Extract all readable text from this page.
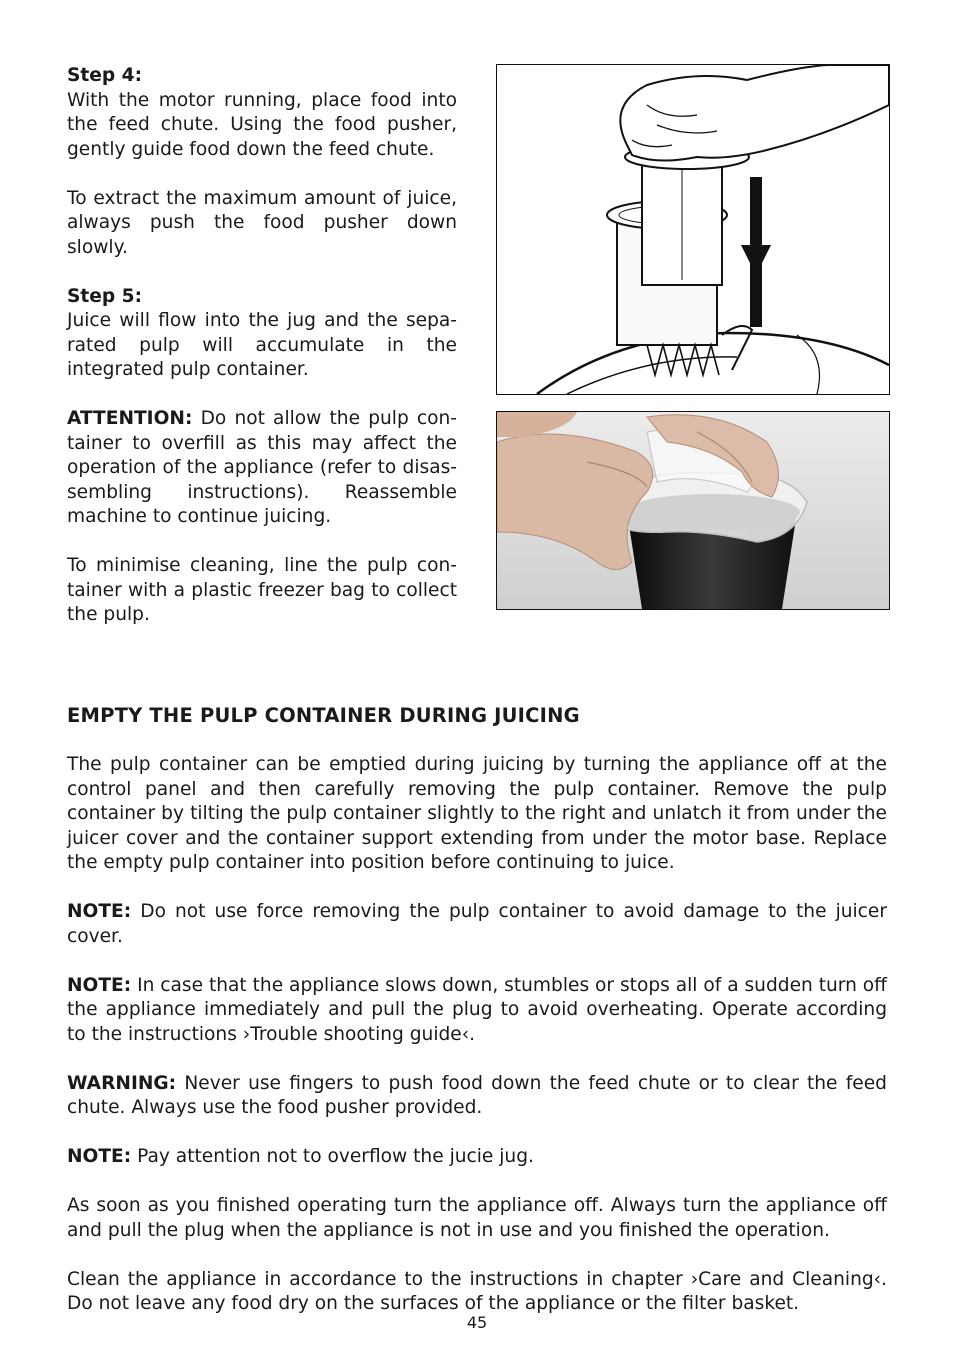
Step 4:
With the motor running, place food into the feed chute. Using the food pusher, gently guide food down the feed chute.

To extract the maximum amount of juice, always push the food pusher down slowly.

Step 5:
Juice will flow into the jug and the sepa-rated pulp will accumulate in the integrated pulp container.

ATTENTION: Do not allow the pulp con-tainer to overfill as this may affect the operation of the appliance (refer to disas-sembling instructions). Reassemble machine to continue juicing.

To minimise cleaning, line the pulp con-tainer with a plastic freezer bag to collect the pulp.

EMPTY THE PULP CONTAINER DURING JUICING

The pulp container can be emptied during juicing by turning the appliance off at the control panel and then carefully removing the pulp container. Remove the pulp container by tilting the pulp container slightly to the right and unlatch it from under the juicer cover and the container support extending from under the motor base. Replace the empty pulp container into position before continuing to juice.

NOTE: Do not use force removing the pulp container to avoid damage to the juicer cover.

NOTE: In case that the appliance slows down, stumbles or stops all of a sudden turn off the appliance immediately and pull the plug to avoid overheating. Operate according to the instructions ›Trouble shooting guide‹.

WARNING: Never use fingers to push food down the feed chute or to clear the feed chute. Always use the food pusher provided.

NOTE: Pay attention not to overflow the jucie jug.

As soon as you finished operating turn the appliance off. Always turn the appliance off and pull the plug when the appliance is not in use and you finished the operation.

Clean the appliance in accordance to the instructions in chapter ›Care and Cleaning‹. Do not leave any food dry on the surfaces of the appliance or the filter basket.

45
